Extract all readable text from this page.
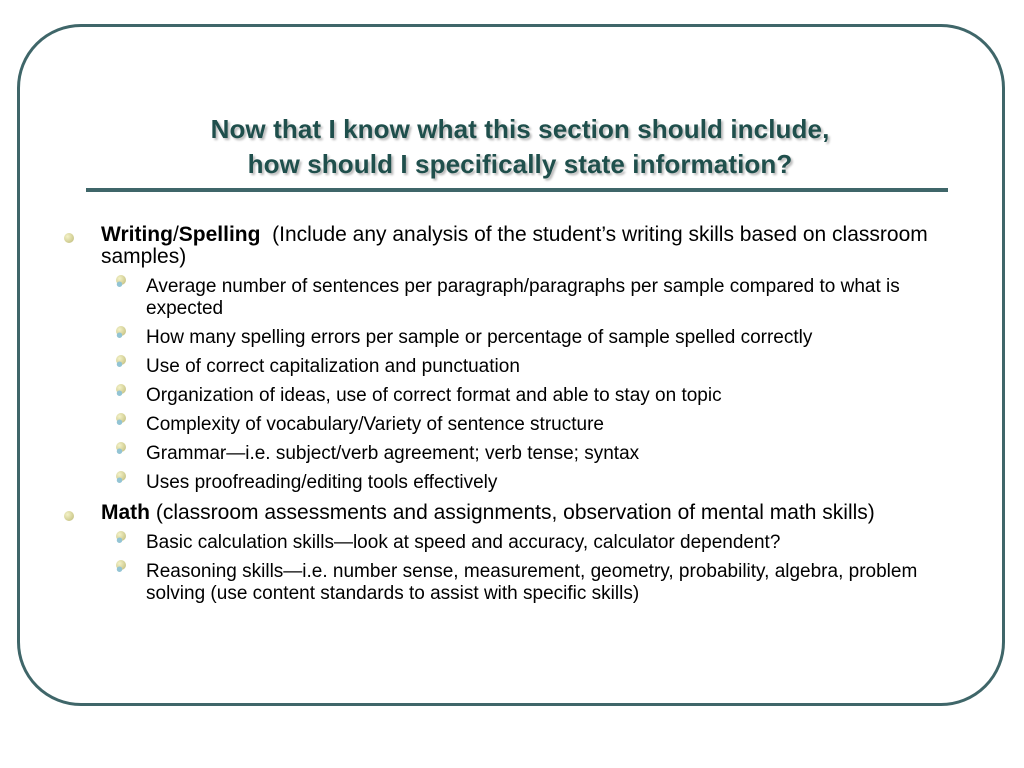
Now that I know what this section should include,
how should I specifically state information?
Writing/Spelling (Include any analysis of the student’s writing skills based on classroom samples)
• Average number of sentences per paragraph/paragraphs per sample compared to what is expected
• How many spelling errors per sample or percentage of sample spelled correctly
• Use of correct capitalization and punctuation
• Organization of ideas, use of correct format and able to stay on topic
• Complexity of vocabulary/Variety of sentence structure
• Grammar—i.e. subject/verb agreement; verb tense; syntax
• Uses proofreading/editing tools effectively
Math (classroom assessments and assignments, observation of mental math skills)
• Basic calculation skills—look at speed and accuracy, calculator dependent?
• Reasoning skills—i.e. number sense, measurement, geometry, probability, algebra, problem solving (use content standards to assist with specific skills)
